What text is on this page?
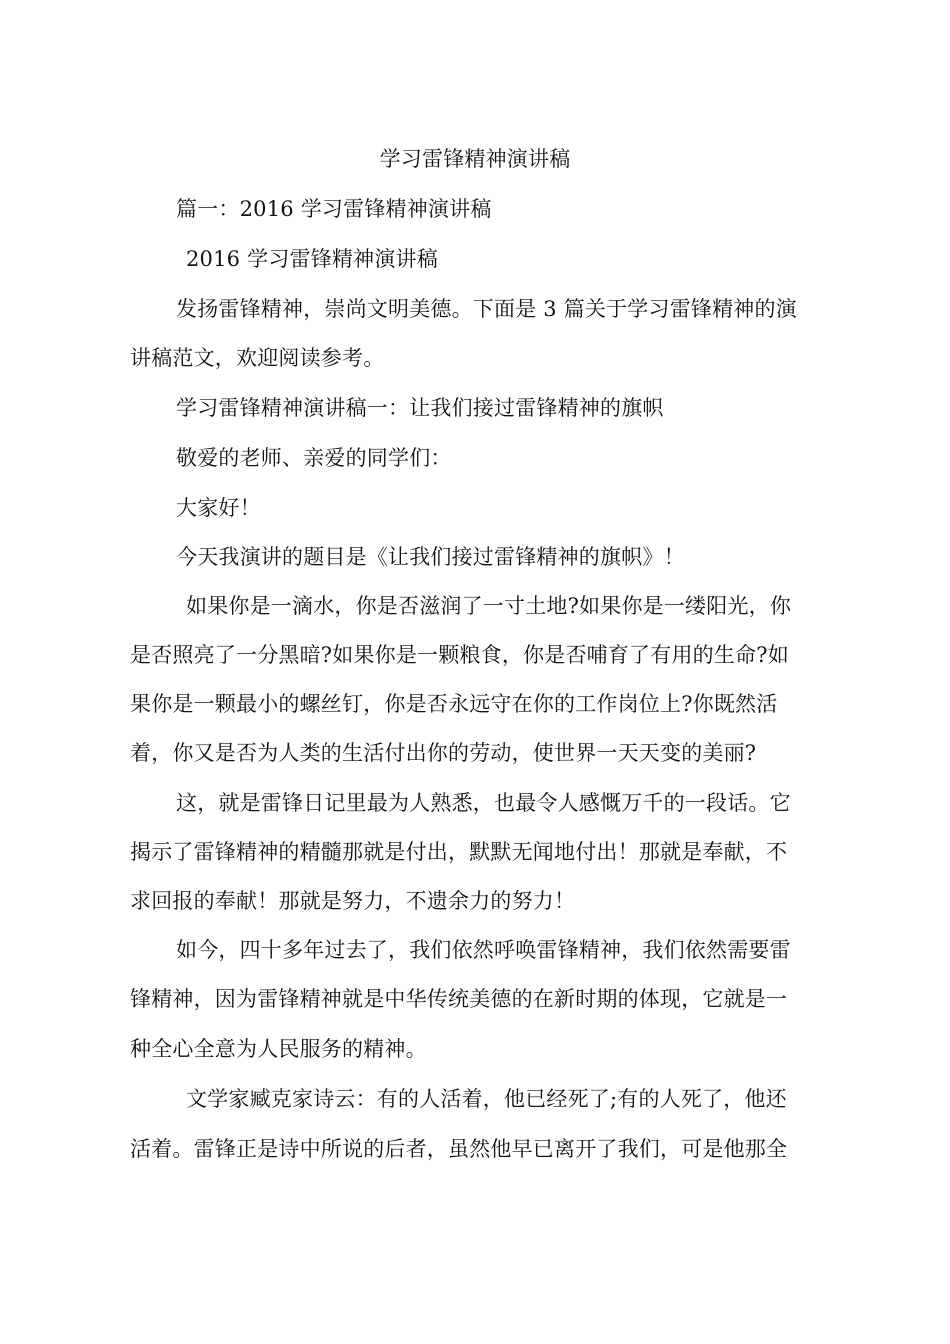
学习雷锋精神演讲稿
篇一：2016 学习雷锋精神演讲稿
2016 学习雷锋精神演讲稿
发扬雷锋精神，崇尚文明美德。下面是 3 篇关于学习雷锋精神的演
讲稿范文，欢迎阅读参考。
学习雷锋精神演讲稿一：让我们接过雷锋精神的旗帜
敬爱的老师、亲爱的同学们：
大家好！
今天我演讲的题目是《让我们接过雷锋精神的旗帜》！
如果你是一滴水，你是否滋润了一寸土地?如果你是一缕阳光，你
是否照亮了一分黑暗?如果你是一颗粮食，你是否哺育了有用的生命?如
果你是一颗最小的螺丝钉，你是否永远守在你的工作岗位上?你既然活
着，你又是否为人类的生活付出你的劳动，使世界一天天变的美丽?
这，就是雷锋日记里最为人熟悉，也最令人感慨万千的一段话。它
揭示了雷锋精神的精髓那就是付出，默默无闻地付出！那就是奉献，不
求回报的奉献！那就是努力，不遗余力的努力！
如今，四十多年过去了，我们依然呼唤雷锋精神，我们依然需要雷
锋精神，因为雷锋精神就是中华传统美德的在新时期的体现，它就是一
种全心全意为人民服务的精神。
文学家臧克家诗云：有的人活着，他已经死了;有的人死了，他还
活着。雷锋正是诗中所说的后者，虽然他早已离开了我们，可是他那全
